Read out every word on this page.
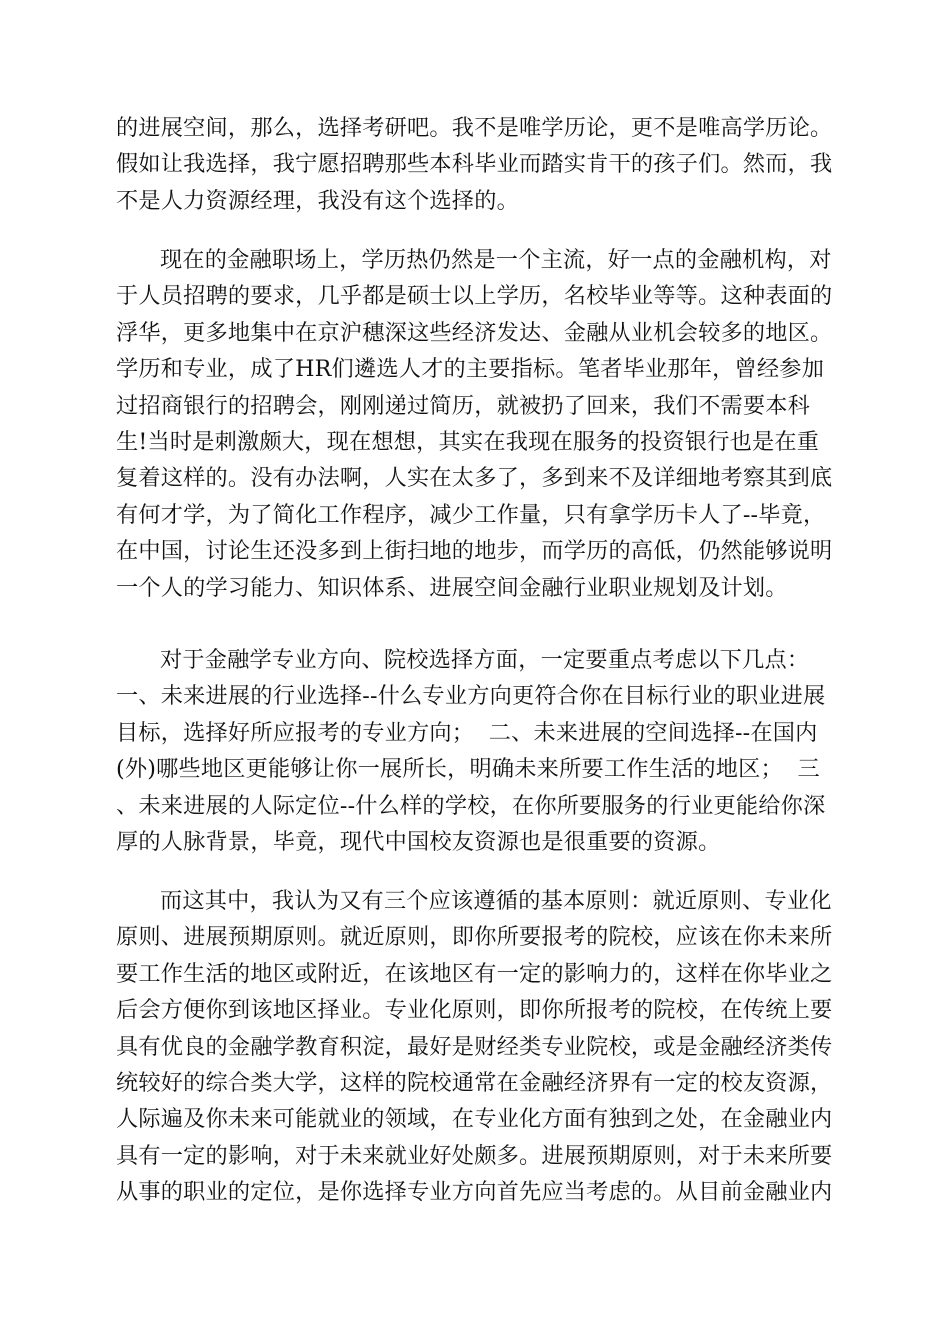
的进展空间，那么，选择考研吧。我不是唯学历论，更不是唯高学历论。
假如让我选择，我宁愿招聘那些本科毕业而踏实肯干的孩子们。然而，我
不是人力资源经理，我没有这个选择的。
现在的金融职场上，学历热仍然是一个主流，好一点的金融机构，对
于人员招聘的要求，几乎都是硕士以上学历，名校毕业等等。这种表面的
浮华，更多地集中在京沪穗深这些经济发达、金融从业机会较多的地区。
学历和专业，成了HR们遴选人才的主要指标。笔者毕业那年，曾经参加
过招商银行的招聘会，刚刚递过简历，就被扔了回来，我们不需要本科
生!当时是刺激颇大，现在想想，其实在我现在服务的投资银行也是在重
复着这样的。没有办法啊，人实在太多了，多到来不及详细地考察其到底
有何才学，为了简化工作程序，减少工作量，只有拿学历卡人了--毕竟，
在中国，讨论生还没多到上街扫地的地步，而学历的高低，仍然能够说明
一个人的学习能力、知识体系、进展空间金融行业职业规划及计划。
对于金融学专业方向、院校选择方面，一定要重点考虑以下几点：
一、未来进展的行业选择--什么专业方向更符合你在目标行业的职业进展
目标，选择好所应报考的专业方向；  二、未来进展的空间选择--在国内
(外)哪些地区更能够让你一展所长，明确未来所要工作生活的地区；  三
、未来进展的人际定位--什么样的学校，在你所要服务的行业更能给你深
厚的人脉背景，毕竟，现代中国校友资源也是很重要的资源。
而这其中，我认为又有三个应该遵循的基本原则：就近原则、专业化
原则、进展预期原则。就近原则，即你所要报考的院校，应该在你未来所
要工作生活的地区或附近，在该地区有一定的影响力的，这样在你毕业之
后会方便你到该地区择业。专业化原则，即你所报考的院校，在传统上要
具有优良的金融学教育积淀，最好是财经类专业院校，或是金融经济类传
统较好的综合类大学，这样的院校通常在金融经济界有一定的校友资源，
人际遍及你未来可能就业的领域，在专业化方面有独到之处，在金融业内
具有一定的影响，对于未来就业好处颇多。进展预期原则，对于未来所要
从事的职业的定位，是你选择专业方向首先应当考虑的。从目前金融业内
